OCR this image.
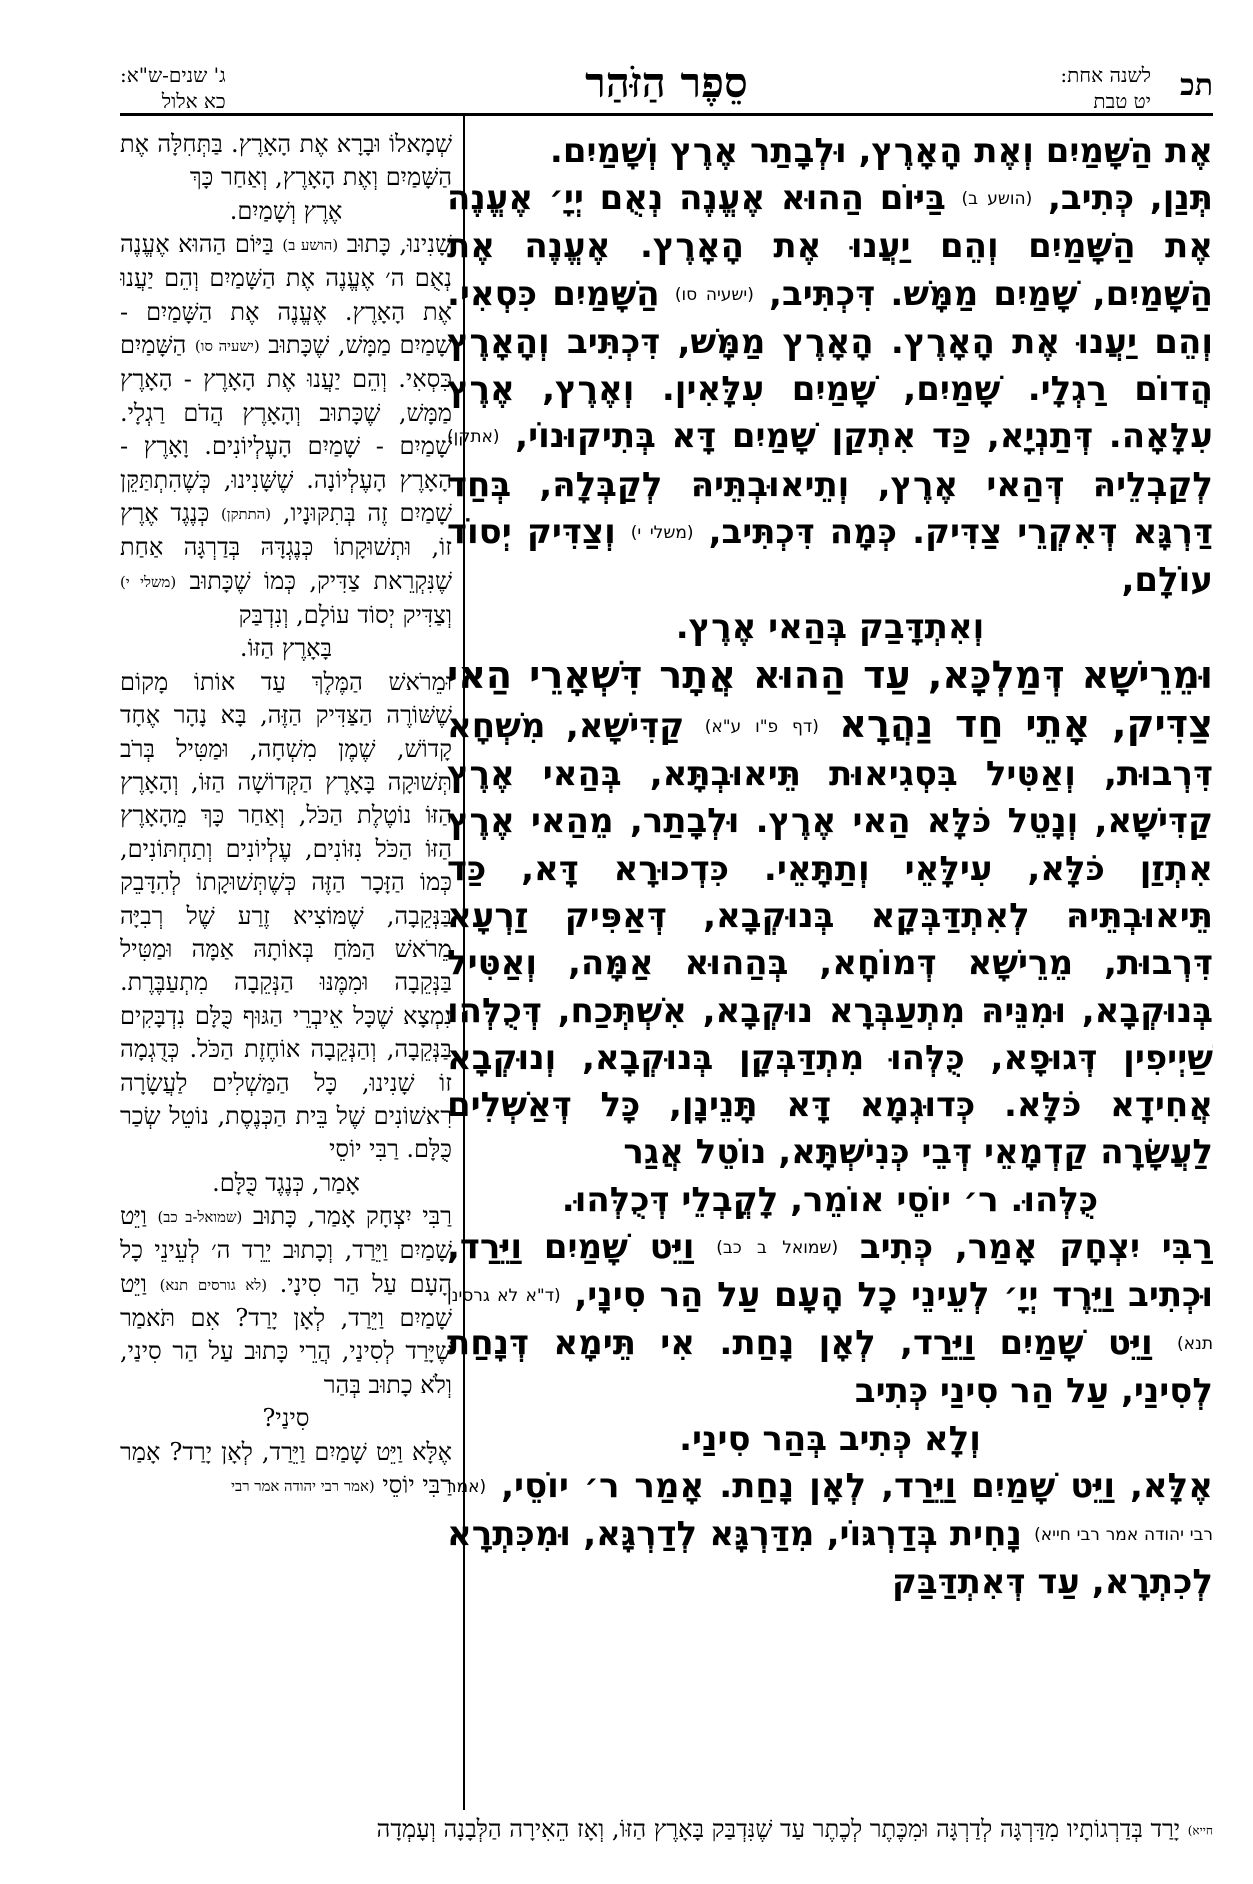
תכ
לשנה אחת:
יט טבת
סֵפֶר הַזֹּהַר
ג' שנים-ש"א:
כא אלול

אֶת הַשָּׁמַיִם וְאֶת הָאָרֶץ, וּלְבָתַר אֶרֶץ וְשָׁמַיִם.

תְּנַן, כְּתִיב, (הושע ב) בַּיּוֹם הַהוּא אֶעֱנֶה נְאֻם יְיָ׳ אֶעֱנֶה אֶת הַשָּׁמַיִם וְהֵם יַעֲנוּ אֶת הָאָרֶץ. אֶעֱנֶה אֶת הַשָּׁמַיִם, שָׁמַיִם מַמָּשׁ. דִּכְתִּיב, (ישעיה סו) הַשָּׁמַיִם כִּסְאִי. וְהֵם יַעֲנוּ אֶת הָאָרֶץ. הָאָרֶץ מַמָּשׁ, דִּכְתִּיב וְהָאָרֶץ הֲדוֹם רַגְלָי. שָׁמַיִם, שָׁמַיִם עִלָּאִין. וְאֶרֶץ, אֶרֶץ עִלָּאָה. דְּתַנְיָא, כַּד אִתְקַן שָׁמַיִם דָּא בְּתִיקוּנוֹי, (אתקן) לְקַבְלֵיהּ דְּהַאי אֶרֶץ, וְתֵיאוּבְתֵּיהּ לְקַבְּלָהּ, בְּחַד דַּרְגָּא דְּאִקְרֵי צַדִּיק. כְּמָה דִּכְתִּיב, (משלי י) וְצַדִּיק יְסוֹד עוֹלָם,

וְאִתְדָּבַק בְּהַאי אֶרֶץ.

וּמֵרֵישָׁא דְּמַלְכָּא, עַד הַהוּא אֲתָר דִּשְׁאָרֵי הַאי צַדִּיק, אָתֵי חַד נַהֲרָא (דף פ"ו ע"א) קַדִּישָׁא, מִשְׁחָא דִּרְבוּת, וְאַטִּיל בִּסְגִיאוּת תֵּיאוּבְתָּא, בְּהַאי אֶרֶץ קַדִּישָׁא, וְנָטֵל כֹּלָּא הַאי אֶרֶץ. וּלְבָתַר, מֵהַאי אֶרֶץ אִתְזַן כֹּלָּא, עִילָּאֵי וְתַתָּאֵי. כִּדְכוּרָא דָּא, כַּד תֵּיאוּבְתֵּיהּ לְאִתְדַּבְּקָא בְּנוּקְבָא, דְּאַפִּיק זַרְעָא דִּרְבוּת, מֵרֵישָׁא דְּמוֹחָא, בְּהַהוּא אַמָּה, וְאַטִּיל בְּנוּקְבָא, וּמִנֵּיהּ מִתְעַבְּרָא נוּקְבָא, אִשְׁתְּכַח, דְּכֻלְּהוּ שַׁיְיפִין דְּגוּפָא, כֻּלְּהוּ מִתְדַּבְּקָן בְּנוּקְבָא, וְנוּקְבָא אֲחִידָא כֹּלָּא. כְּדוּגְמָא דָּא תָּנֵינָן, כָּל דְּאַשְׁלִים לַעֲשָׂרָה קַדְמָאֵי דְּבֵי כְּנִישְׁתָּא, נוֹטֵל אֲגַר

כֻּלְּהוּ. ר׳ יוֹסֵי אוֹמֵר, לָקֳבְלֵי דְּכֻלְּהוּ.

רַבִּי יִצְחָק אָמַר, כְּתִיב (שמואל ב כב) וַיֵּט שָׁמַיִם וַיֵּרַד, וּכְתִיב וַיֵּרֶד יְיָ׳ לְעֵינֵי כָל הָעָם עַל הַר סִינָי, (ד"א לא גרסינן תנא) וַיֵּט שָׁמַיִם וַיֵּרַד, לְאָן נָחַת. אִי תֵּימָא דְּנָחַת לְסִינַי, עַל הַר סִינַי כְּתִיב

וְלָא כְּתִיב בְּהַר סִינַי.

אֶלָּא, וַיֵּט שָׁמַיִם וַיֵּרַד, לְאָן נָחַת. אָמַר ר׳ יוֹסֵי, (אמר רבי יהודה אמר רבי חייא) נָחִית בְּדַרְגּוֹי, מִדַּרְגָּא לְדַרְגָּא, וּמִכִּתְרָא לְכִתְרָא, עַד דְּאִתְדַּבַּק

שְׁמָאלוֹ וּבָרָא אֶת הָאָרֶץ. בַּתְּחִלָּה אֶת הַשָּׁמַיִם וְאֶת הָאָרֶץ, וְאַחַר כָּךְ

אֶרֶץ וְשָׁמַיִם.

שָׁנִינוּ, כָּתוּב (הושע ב) בַּיּוֹם הַהוּא אֶעֱנֶה נְאֻם ה׳ אֶעֱנֶה אֶת הַשָּׁמַיִם וְהֵם יַעֲנוּ אֶת הָאָרֶץ. אֶעֱנֶה אֶת הַשָּׁמַיִם - שָׁמַיִם מַמָּשׁ, שֶׁכָּתוּב (ישעיה סו) הַשָּׁמַיִם כִּסְאִי. וְהֵם יַעֲנוּ אֶת הָאָרֶץ - הָאָרֶץ מַמָּשׁ, שֶׁכָּתוּב וְהָאָרֶץ הֲדֹם רַגְלָי. שָׁמַיִם - שָׁמַיִם הָעֶלְיוֹנִים. וָאָרֶץ - הָאָרֶץ הָעֶלְיוֹנָה. שֶׁשָּׁנִינוּ, כְּשֶׁהִתְתַּקֵּן שָׁמַיִם זֶה בְּתִקּוּנָיו, (התתקן) כְּנֶגֶד אֶרֶץ זוֹ, וּתְשׁוּקָתוֹ כְּנֶגְדָּהּ בְּדַרְגָּה אַחַת שֶׁנִּקְרֵאת צַדִּיק, כְּמוֹ שֶׁכָּתוּב (משלי י) וְצַדִּיק יְסוֹד עוֹלָם, וְנִדְבַּק

בָּאָרֶץ הַזּוֹ.

וּמֵרֹאשׁ הַמֶּלֶךְ עַד אוֹתוֹ מָקוֹם שֶׁשּׁוֹרֶה הַצַּדִּיק הַזֶּה, בָּא נָהָר אֶחָד קָדוֹשׁ, שֶׁמֶן מִשְׁחָה, וּמַטִּיל בְּרֹב תְּשׁוּקָה בָּאָרֶץ הַקְּדוֹשָׁה הַזּוֹ, וְהָאָרֶץ הַזּוֹ נוֹטֶלֶת הַכֹּל, וְאַחַר כָּךְ מֵהָאָרֶץ הַזּוֹ הַכֹּל נִזּוֹנִים, עֶלְיוֹנִים וְתַחְתּוֹנִים, כְּמוֹ הַזָּכָר הַזֶּה כְּשֶׁתְּשׁוּקָתוֹ לְהִדָּבֵק בַּנְּקֵבָה, שֶׁמּוֹצִיא זֶרַע שֶׁל רְבִיָּה מֵרֹאשׁ הַמֹּחַ בְּאוֹתָהּ אַמָּה וּמַטִּיל בַּנְּקֵבָה וּמִמֶּנּוּ הַנְּקֵבָה מִתְעַבֶּרֶת. נִמְצָא שֶׁכָּל אֵיבְרֵי הַגּוּף כֻּלָּם נִדְבָּקִים בַּנְּקֵבָה, וְהַנְּקֵבָה אוֹחֶזֶת הַכֹּל. כְּדֻגְמָה זוֹ שָׁנִינוּ, כָּל הַמַּשְׁלִים לַעֲשָׂרָה רִאשׁוֹנִים שֶׁל בֵּית הַכְּנֶסֶת, נוֹטֵל שְׂכַר כֻּלָּם. רַבִּי יוֹסֵי

אָמַר, כְּנֶגֶד כֻּלָּם.

רַבִּי יִצְחָק אָמַר, כָּתוּב (שמואל-ב כב) וַיֵּט שָׁמַיִם וַיֵּרַד, וְכָתוּב יֵרֵד ה׳ לְעֵינֵי כָל הָעָם עַל הַר סִינָי. (לא גורסים תנא) וַיֵּט שָׁמַיִם וַיֵּרַד, לְאָן יָרַד? אִם תֹּאמַר שֶׁיָּרַד לְסִינַי, הֲרֵי כָּתוּב עַל הַר סִינַי, וְלֹא כָתוּב בְּהַר

סִינַי?

אֶלָּא וַיֵּט שָׁמַיִם וַיֵּרַד, לְאָן יָרַד? אָמַר רַבִּי יוֹסֵי (אמר רבי יהודה אמר רבי

חייא) יָרַד בְּדַרְגוֹתָיו מִדַּרְגָּה לְדַרְגָּה וּמִכֶּתֶר לְכֶתֶר עַד שֶׁנִּדְבַּק בָּאָרֶץ הַזּוֹ, וְאָז הֵאִירָה הַלְּבָנָה וְעָמְדָה
